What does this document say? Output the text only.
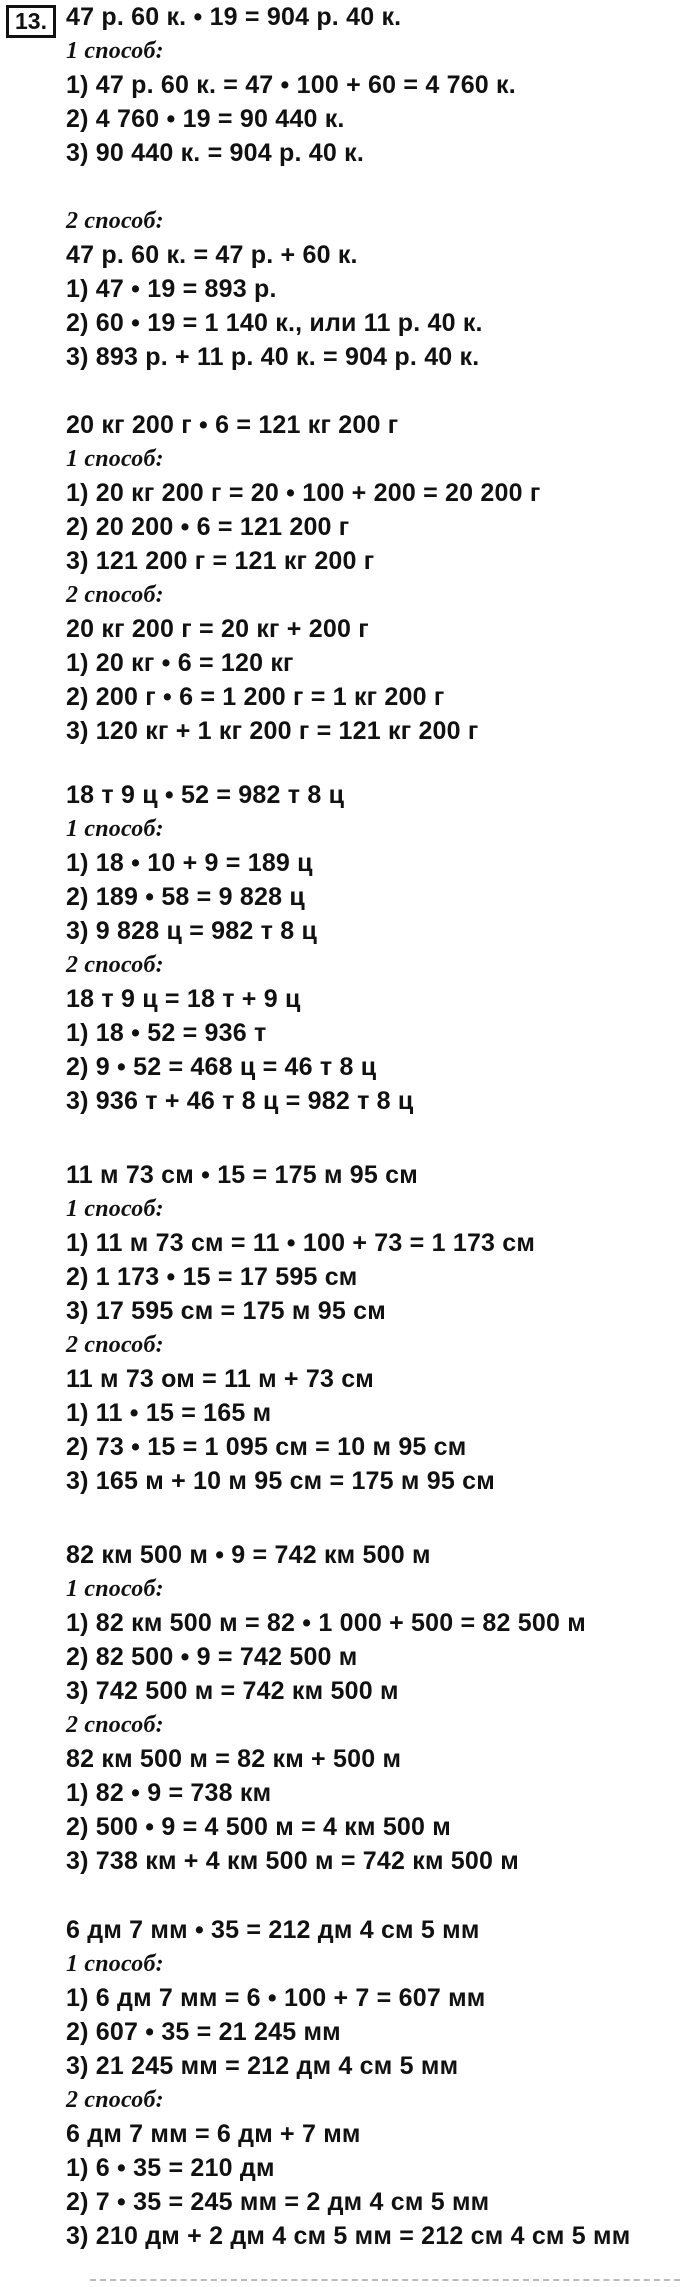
13. 47 р. 60 к. • 19 = 904 р. 40 к.
1 способ:
1) 47 р. 60 к. = 47 • 100 + 60 = 4 760 к.
2) 4 760 • 19 = 90 440 к.
3) 90 440 к. = 904 р. 40 к.
2 способ:
47 р. 60 к. = 47 р. + 60 к.
1) 47 • 19 = 893 р.
2) 60 • 19 = 1 140 к., или 11 р. 40 к.
3) 893 р. + 11 р. 40 к. = 904 р. 40 к.
20 кг 200 г • 6 = 121 кг 200 г
1 способ:
1) 20 кг 200 г = 20 • 100 + 200 = 20 200 г
2) 20 200 • 6 = 121 200 г
3) 121 200 г = 121 кг 200 г
2 способ:
20 кг 200 г = 20 кг + 200 г
1) 20 кг • 6 = 120 кг
2) 200 г • 6 = 1 200 г = 1 кг 200 г
3) 120 кг + 1 кг 200 г = 121 кг 200 г
18 т 9 ц • 52 = 982 т 8 ц
1 способ:
1) 18 • 10 + 9 = 189 ц
2) 189 • 58 = 9 828 ц
3) 9 828 ц = 982 т 8 ц
2 способ:
18 т 9 ц = 18 т + 9 ц
1) 18 • 52 = 936 т
2) 9 • 52 = 468 ц = 46 т 8 ц
3) 936 т + 46 т 8 ц = 982 т 8 ц
11 м 73 см • 15 = 175 м 95 см
1 способ:
1) 11 м 73 см = 11 • 100 + 73 = 1 173 см
2) 1 173 • 15 = 17 595 см
3) 17 595 см = 175 м 95 см
2 способ:
11 м 73 ом = 11 м + 73 см
1) 11 • 15 = 165 м
2) 73 • 15 = 1 095 см = 10 м 95 см
3) 165 м + 10 м 95 см = 175 м 95 см
82 км 500 м • 9 = 742 км 500 м
1 способ:
1) 82 км 500 м = 82 • 1 000 + 500 = 82 500 м
2) 82 500 • 9 = 742 500 м
3) 742 500 м = 742 км 500 м
2 способ:
82 км 500 м = 82 км + 500 м
1) 82 • 9 = 738 км
2) 500 • 9 = 4 500 м = 4 км 500 м
3) 738 км + 4 км 500 м = 742 км 500 м
6 дм 7 мм • 35 = 212 дм 4 см 5 мм
1 способ:
1) 6 дм 7 мм = 6 • 100 + 7 = 607 мм
2) 607 • 35 = 21 245 мм
3) 21 245 мм = 212 дм 4 см 5 мм
2 способ:
6 дм 7 мм = 6 дм + 7 мм
1) 6 • 35 = 210 дм
2) 7 • 35 = 245 мм = 2 дм 4 см 5 мм
3) 210 дм + 2 дм 4 см 5 мм = 212 см 4 см 5 мм
